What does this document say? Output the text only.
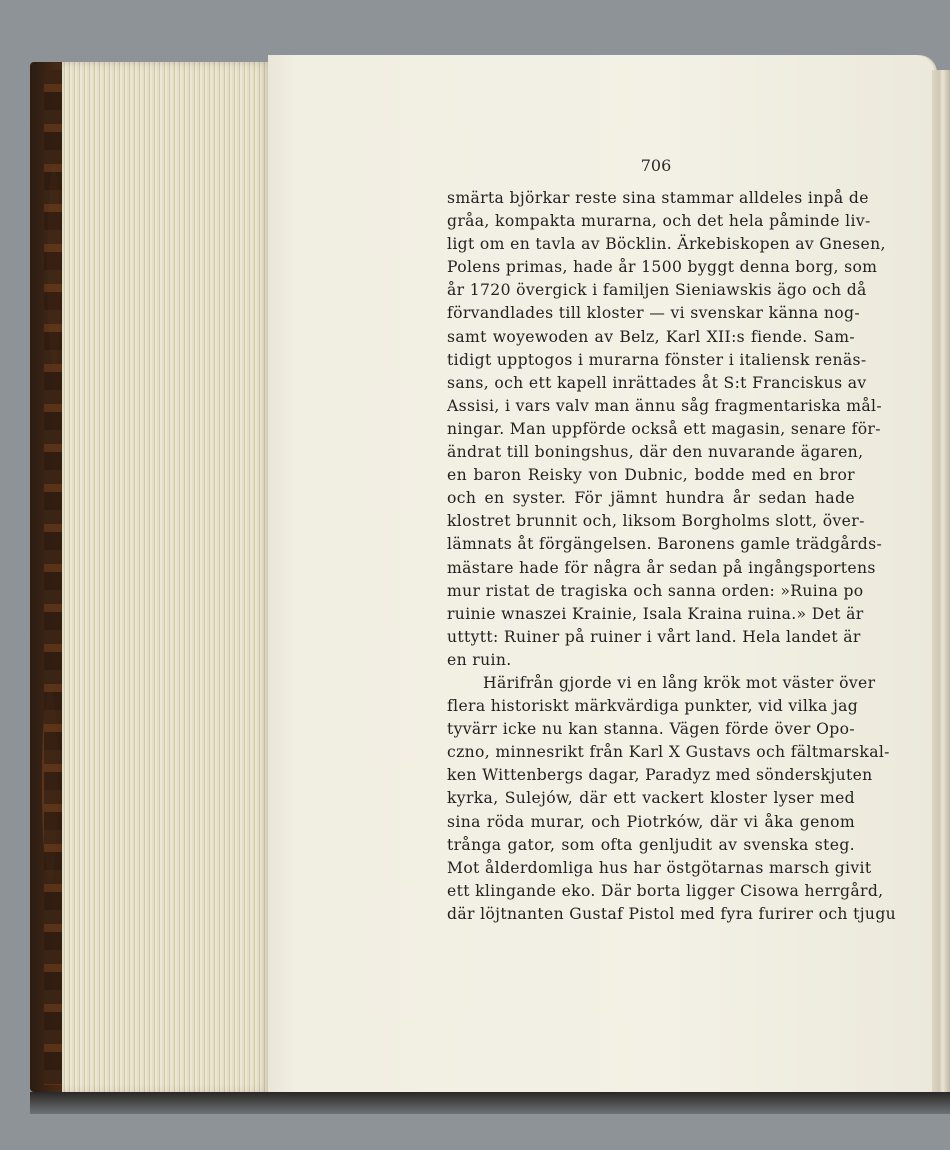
706
smärta björkar reste sina stammar alldeles inpå de
gråa, kompakta murarna, och det hela påminde liv-
ligt om en tavla av Böcklin. Ärkebiskopen av Gnesen,
Polens primas, hade år 1500 byggt denna borg, som
år 1720 övergick i familjen Sieniawskis ägo och då
förvandlades till kloster — vi svenskar känna nog-
samt woyewoden av Belz, Karl XII:s fiende. Sam-
tidigt upptogos i murarna fönster i italiensk renäs-
sans, och ett kapell inrättades åt S:t Franciskus av
Assisi, i vars valv man ännu såg fragmentariska mål-
ningar. Man uppförde också ett magasin, senare för-
ändrat till boningshus, där den nuvarande ägaren,
en baron Reisky von Dubnic, bodde med en bror
och en syster. För jämnt hundra år sedan hade
klostret brunnit och, liksom Borgholms slott, över-
lämnats åt förgängelsen. Baronens gamle trädgårds-
mästare hade för några år sedan på ingångsportens
mur ristat de tragiska och sanna orden: »Ruina po
ruinie wnaszei Krainie, Isala Kraina ruina.» Det är
uttytt: Ruiner på ruiner i vårt land. Hela landet är
en ruin.
Härifrån gjorde vi en lång krök mot väster över
flera historiskt märkvärdiga punkter, vid vilka jag
tyvärr icke nu kan stanna. Vägen förde över Opo-
czno, minnesrikt från Karl X Gustavs och fältmarskal-
ken Wittenbergs dagar, Paradyz med sönderskjuten
kyrka, Sulejów, där ett vackert kloster lyser med
sina röda murar, och Piotrków, där vi åka genom
trånga gator, som ofta genljudit av svenska steg.
Mot ålderdomliga hus har östgötarnas marsch givit
ett klingande eko. Där borta ligger Cisowa herrgård,
där löjtnanten Gustaf Pistol med fyra furirer och tjugu
